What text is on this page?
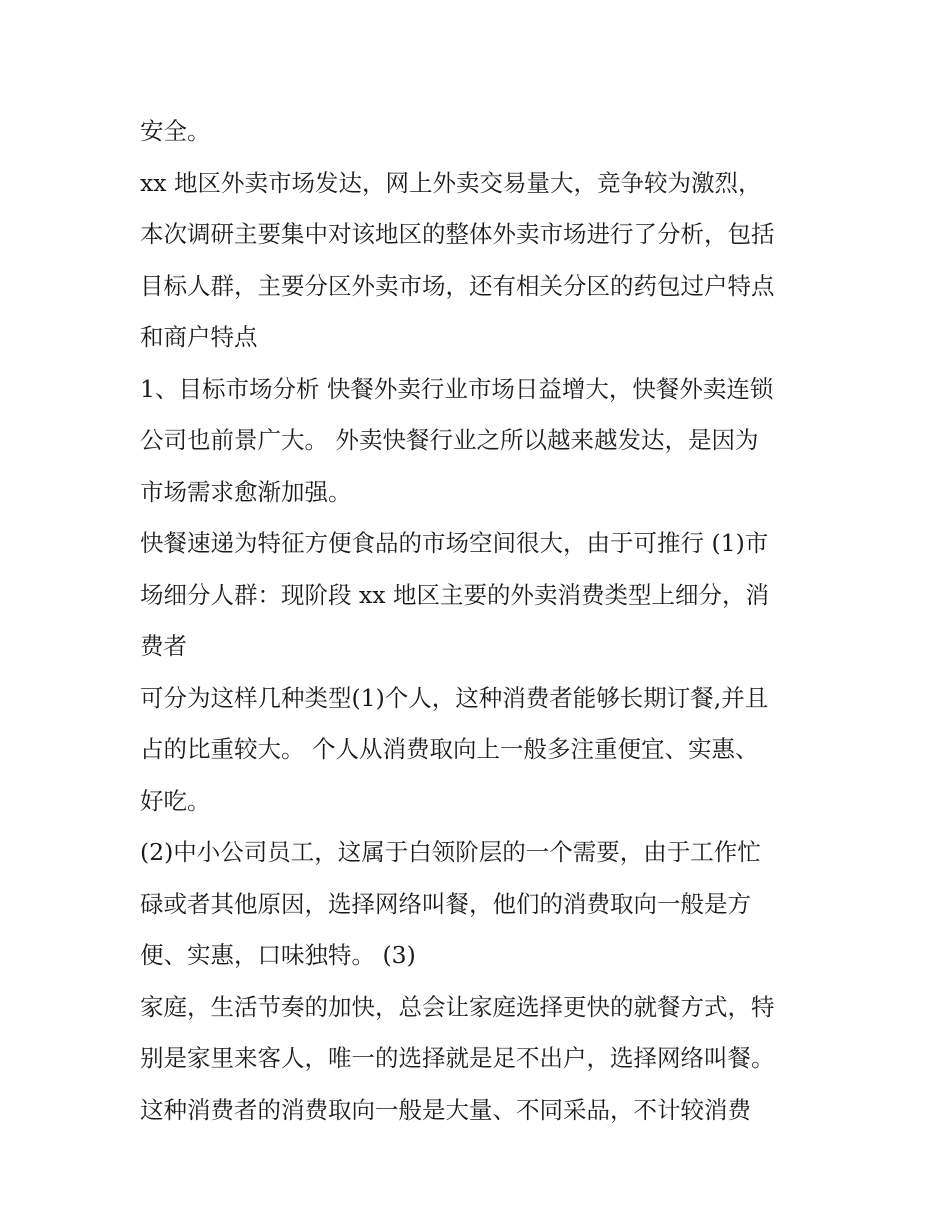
安全。
xx 地区外卖市场发达，网上外卖交易量大，竞争较为激烈，
本次调研主要集中对该地区的整体外卖市场进行了分析，包括
目标人群，主要分区外卖市场，还有相关分区的药包过户特点
和商户特点
1、目标市场分析 快餐外卖行业市场日益增大，快餐外卖连锁
公司也前景广大。 外卖快餐行业之所以越来越发达，是因为
市场需求愈渐加强。
快餐速递为特征方便食品的市场空间很大，由于可推行 (1)市
场细分人群：现阶段 xx 地区主要的外卖消费类型上细分，消
费者
可分为这样几种类型(1)个人，这种消费者能够长期订餐,并且
占的比重较大。 个人从消费取向上一般多注重便宜、实惠、
好吃。
(2)中小公司员工，这属于白领阶层的一个需要，由于工作忙
碌或者其他原因，选择网络叫餐，他们的消费取向一般是方
便、实惠，口味独特。 (3)
家庭，生活节奏的加快，总会让家庭选择更快的就餐方式，特
别是家里来客人，唯一的选择就是足不出户，选择网络叫餐。
这种消费者的消费取向一般是大量、不同采品，不计较消费
